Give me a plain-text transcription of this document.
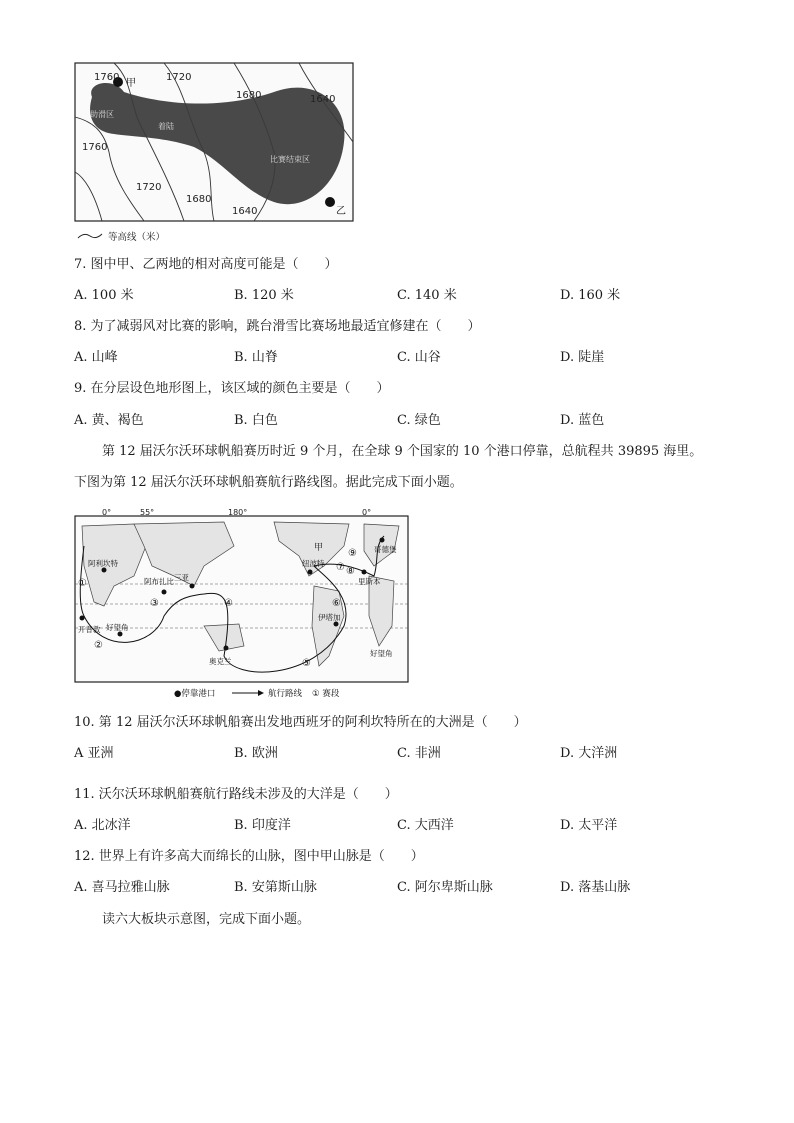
1760	1720
1680	1640
1760
1720
1680
1640
甲
乙
助滑区
着陆
比赛结束区
等高线（米）
7. 图中甲、乙两地的相对高度可能是（　　）
A. 100 米	B. 120 米	C. 140 米	D. 160 米
8. 为了减弱风对比赛的影响，跳台滑雪比赛场地最适宜修建在（　　）
A. 山峰	B. 山脊	C. 山谷	D. 陡崖
9. 在分层设色地形图上，该区域的颜色主要是（　　）
A. 黄、褐色	B. 白色	C. 绿色	D. 蓝色
第 12 届沃尔沃环球帆船赛历时近 9 个月，在全球 9 个国家的 10 个港口停靠，总航程共 39895 海里。
下图为第 12 届沃尔沃环球帆船赛航行路线图。据此完成下面小题。
0°	55°	180°	0°
阿利坎特
阿布扎比 三亚
奥克兰
伊塔加
纽波特
里斯本
哥德堡
开普敦 好望角
好望角
①
②
③	④
⑤
⑥
⑦ ⑧
⑨
甲
●停靠港口	航行路线 ① 赛段
10. 第 12 届沃尔沃环球帆船赛出发地西班牙的阿利坎特所在的大洲是（　　）
A 亚洲	B. 欧洲	C. 非洲	D. 大洋洲
11. 沃尔沃环球帆船赛航行路线未涉及的大洋是（　　）
A. 北冰洋	B. 印度洋	C. 大西洋	D. 太平洋
12. 世界上有许多高大而绵长的山脉，图中甲山脉是（　　）
A. 喜马拉雅山脉	B. 安第斯山脉	C. 阿尔卑斯山脉	D. 落基山脉
读六大板块示意图，完成下面小题。
